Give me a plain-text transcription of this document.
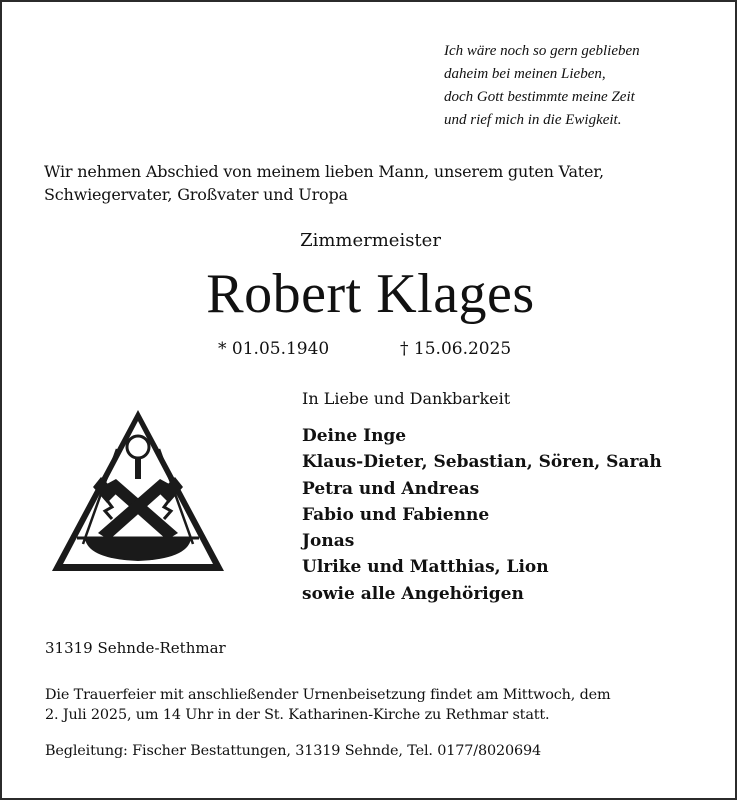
Ich wäre noch so gern geblieben
daheim bei meinen Lieben,
doch Gott bestimmte meine Zeit
und rief mich in die Ewigkeit.
Wir nehmen Abschied von meinem lieben Mann, unserem guten Vater,
Schwiegervater, Großvater und Uropa
Zimmermeister
Robert Klages
* 01.05.1940	† 15.06.2025
In Liebe und Dankbarkeit
Deine Inge
Klaus-Dieter, Sebastian, Sören, Sarah
Petra und Andreas
Fabio und Fabienne
Jonas
Ulrike und Matthias, Lion
sowie alle Angehörigen
31319 Sehnde-Rethmar
Die Trauerfeier mit anschließender Urnenbeisetzung findet am Mittwoch, dem
2. Juli 2025, um 14 Uhr in der St. Katharinen-Kirche zu Rethmar statt.
Begleitung: Fischer Bestattungen, 31319 Sehnde, Tel. 0177/8020694
